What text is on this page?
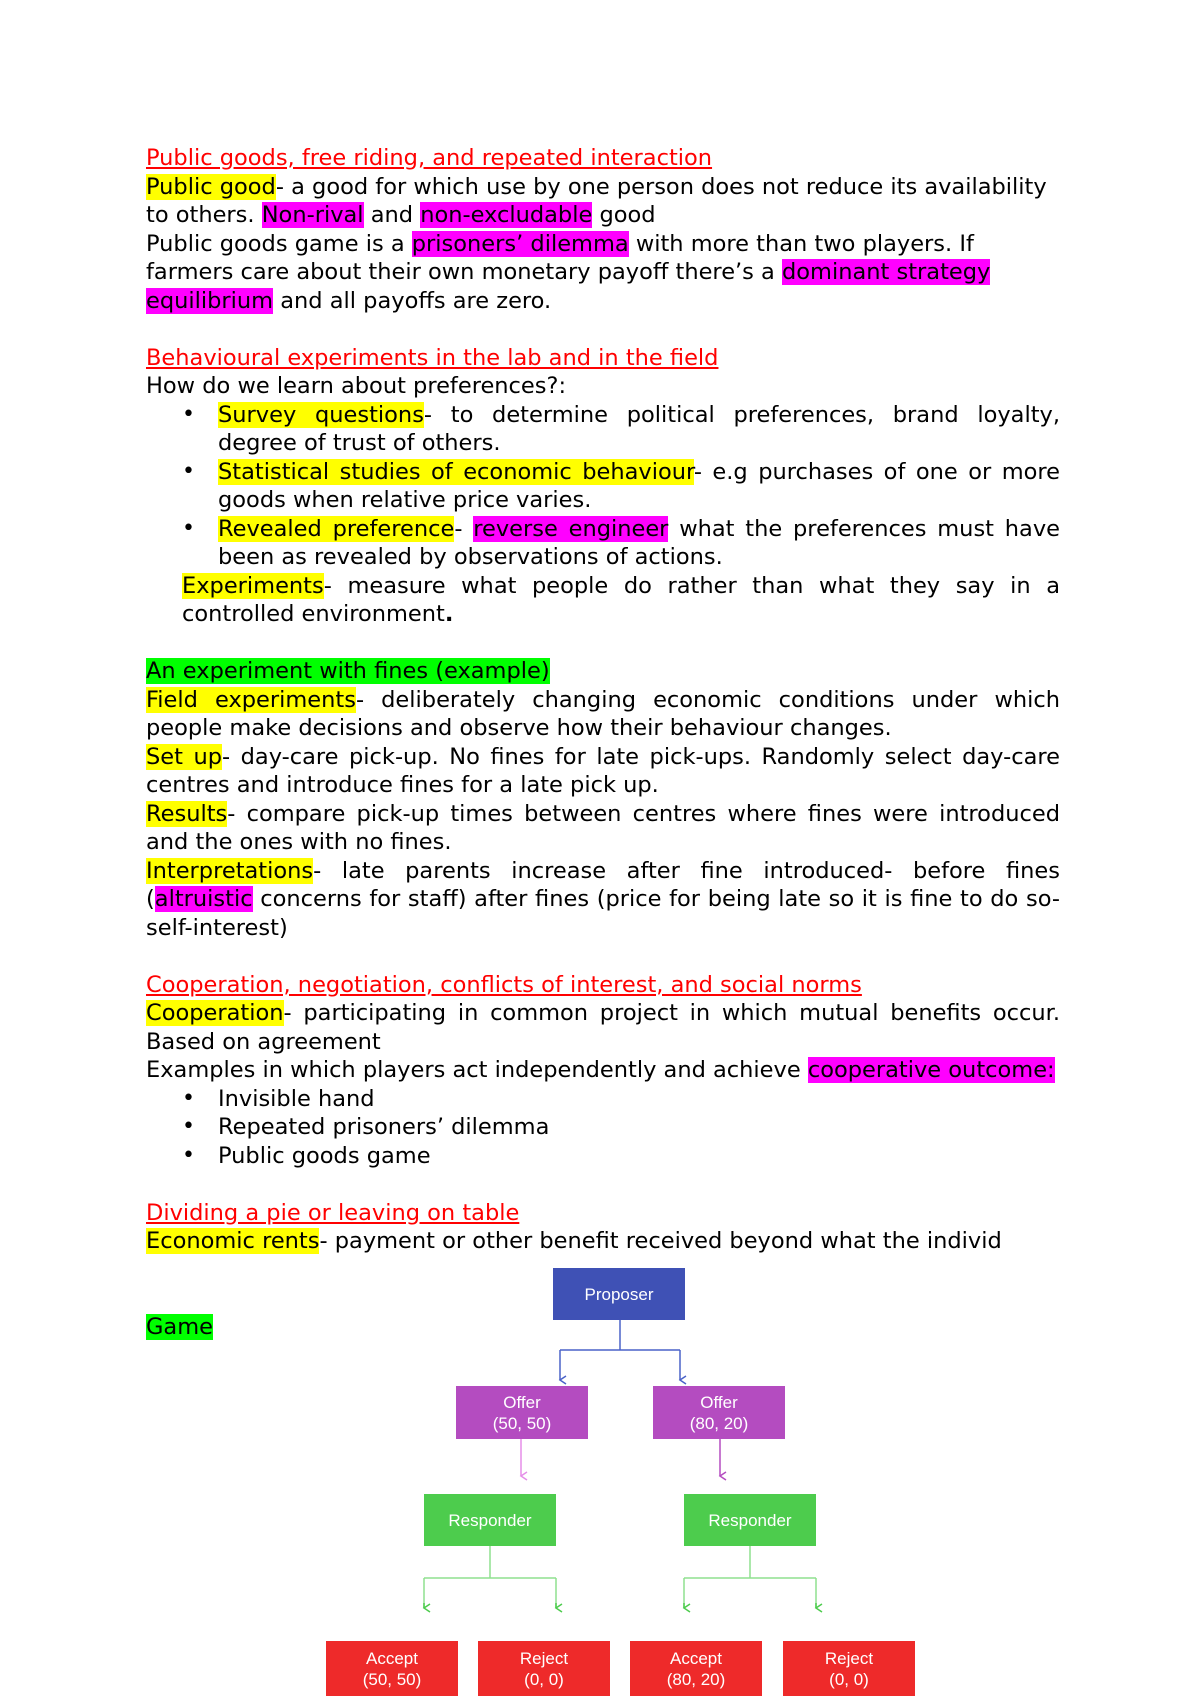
Public goods, free riding, and repeated interaction

Public good- a good for which use by one person does not reduce its availability to others. Non-rival and non-excludable good

Public goods game is a prisoners’ dilemma with more than two players. If farmers care about their own monetary payoff there’s a dominant strategy equilibrium and all payoffs are zero.

Behavioural experiments in the lab and in the field

How do we learn about preferences?:

• Survey questions- to determine political preferences, brand loyalty, degree of trust of others.
• Statistical studies of economic behaviour- e.g purchases of one or more goods when relative price varies.
• Revealed preference- reverse engineer what the preferences must have been as revealed by observations of actions.

Experiments- measure what people do rather than what they say in a controlled environment.

An experiment with fines (example)

Field experiments- deliberately changing economic conditions under which people make decisions and observe how their behaviour changes.

Set up- day-care pick-up. No fines for late pick-ups. Randomly select day-care centres and introduce fines for a late pick up.

Results- compare pick-up times between centres where fines were introduced and the ones with no fines.

Interpretations- late parents increase after fine introduced- before fines (altruistic concerns for staff) after fines (price for being late so it is fine to do so- self-interest)

Cooperation, negotiation, conflicts of interest, and social norms

Cooperation- participating in common project in which mutual benefits occur. Based on agreement

Examples in which players act independently and achieve cooperative outcome:

• Invisible hand
• Repeated prisoners’ dilemma
• Public goods game

Dividing a pie or leaving on table

Economic rents- payment or other benefit received beyond what the individ

Game

Proposer
Offer
(50, 50)
Offer
(80, 20)
Responder	Responder
Accept
(50, 50)
Reject
(0, 0)
Accept
(80, 20)
Reject
(0, 0)
